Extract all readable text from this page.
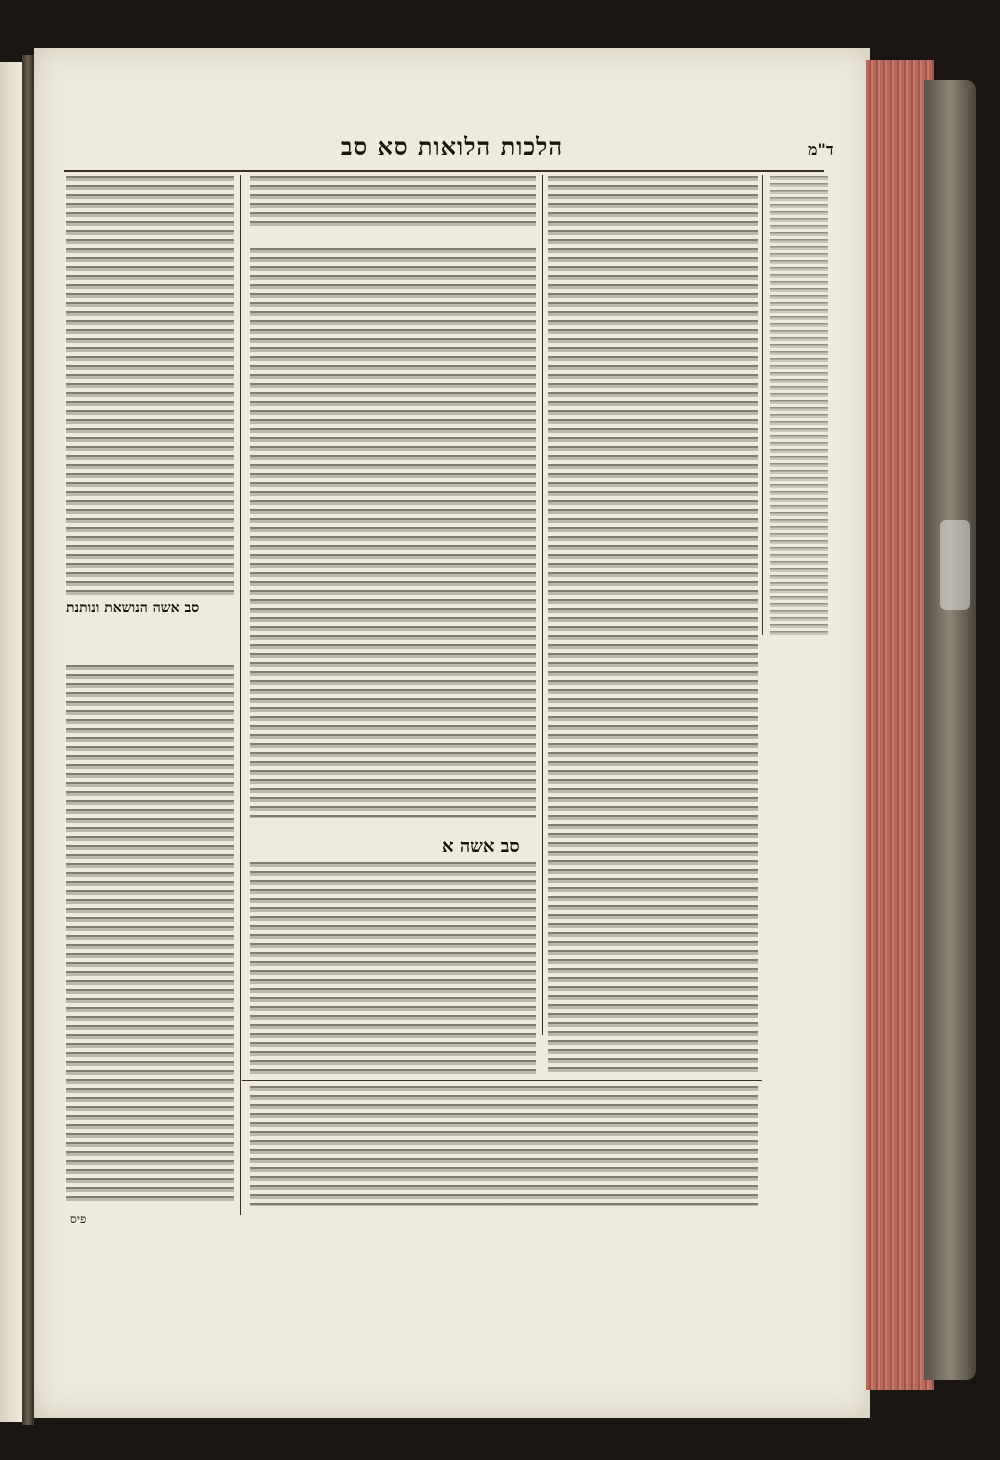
הלכות הלואות סא סב	ד"מ
סב אשה א
סב אשה הנושאת ונותנת
פיס
